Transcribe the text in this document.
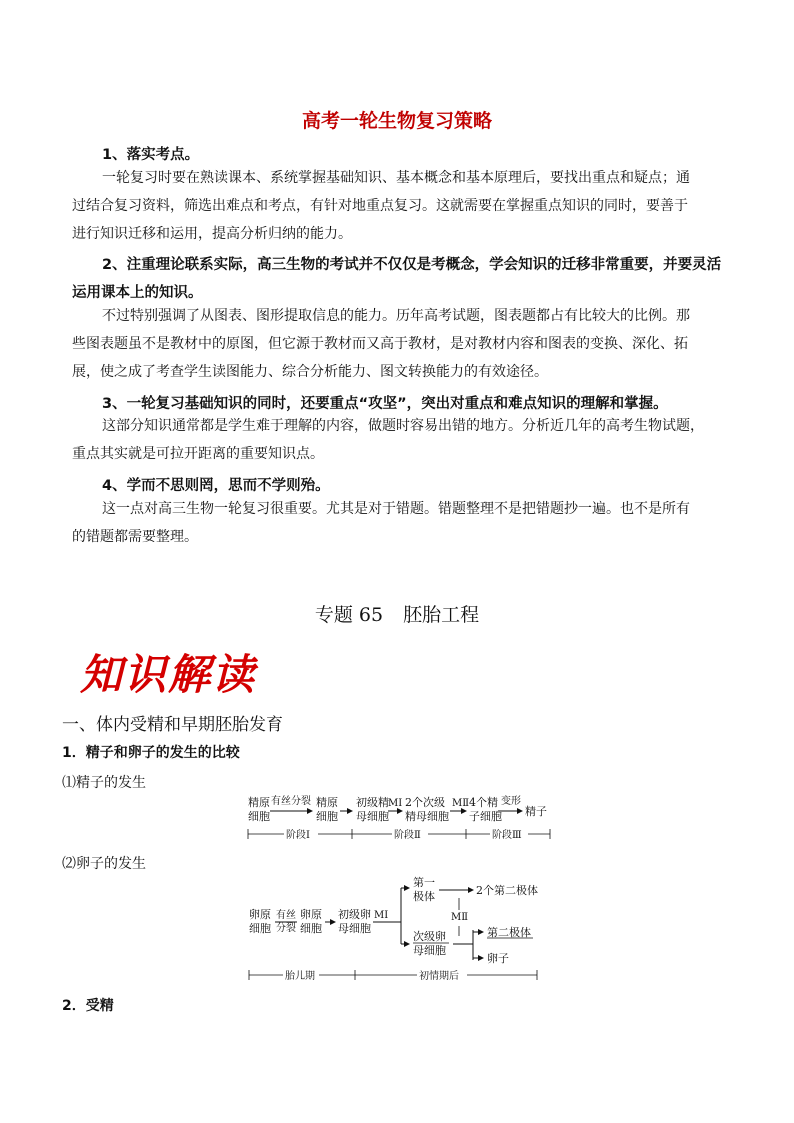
高考一轮生物复习策略
1、落实考点。
一轮复习时要在熟读课本、系统掌握基础知识、基本概念和基本原理后，要找出重点和疑点；通
过结合复习资料，筛选出难点和考点，有针对地重点复习。这就需要在掌握重点知识的同时，要善于
进行知识迁移和运用，提高分析归纳的能力。
2、注重理论联系实际，高三生物的考试并不仅仅是考概念，学会知识的迁移非常重要，并要灵活
运用课本上的知识。
不过特别强调了从图表、图形提取信息的能力。历年高考试题，图表题都占有比较大的比例。那
些图表题虽不是教材中的原图，但它源于教材而又高于教材，是对教材内容和图表的变换、深化、拓
展，使之成了考查学生读图能力、综合分析能力、图文转换能力的有效途径。
3、一轮复习基础知识的同时，还要重点“攻坚”，突出对重点和难点知识的理解和掌握。
这部分知识通常都是学生难于理解的内容，做题时容易出错的地方。分析近几年的高考生物试题，
重点其实就是可拉开距离的重要知识点。
4、学而不思则罔，思而不学则殆。
这一点对高三生物一轮复习很重要。尤其是对于错题。错题整理不是把错题抄一遍。也不是所有
的错题都需要整理。
专题 65 胚胎工程
知识解读
一、体内受精和早期胚胎发育
1．精子和卵子的发生的比较
⑴精子的发生
精原
细胞
有丝分裂 精原
细胞
初级精
母细胞
MⅠ 2个次级
精母细胞
MⅡ 4个精
子细胞
变形
精子
阶段Ⅰ	阶段Ⅱ	阶段Ⅲ
⑵卵子的发生
卵原
细胞
有丝
分裂
卵原
细胞
初级卵
母细胞
MⅠ
第一
极体	2个第二极体
次级卵
母细胞
MⅡ
第二极体
卵子
胎儿期	初情期后
2．受精
